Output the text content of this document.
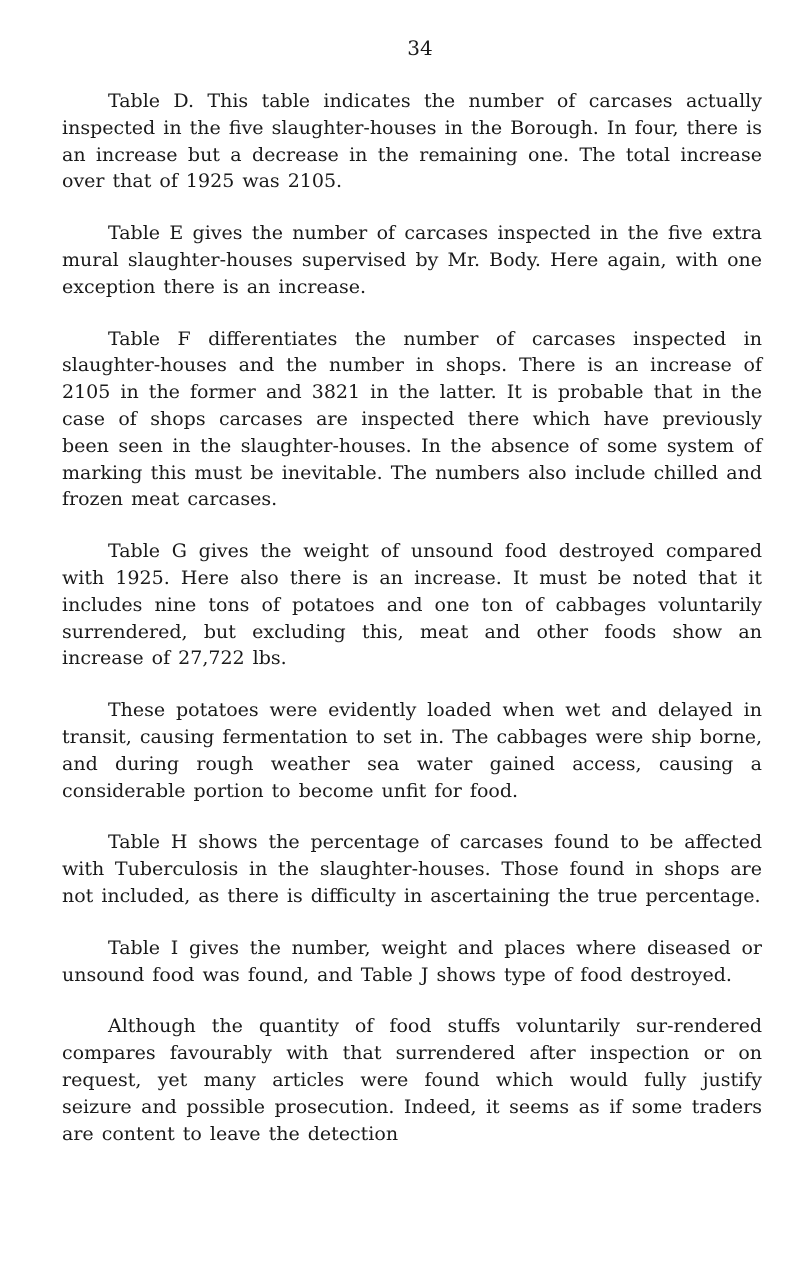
34

Table D. This table indicates the number of carcases actually inspected in the five slaughter-houses in the Borough. In four, there is an increase but a decrease in the remaining one. The total increase over that of 1925 was 2105.

Table E gives the number of carcases inspected in the five extra mural slaughter-houses supervised by Mr. Body. Here again, with one exception there is an increase.

Table F differentiates the number of carcases inspected in slaughter-houses and the number in shops. There is an increase of 2105 in the former and 3821 in the latter. It is probable that in the case of shops carcases are inspected there which have previously been seen in the slaughter-houses. In the absence of some system of marking this must be inevitable. The numbers also include chilled and frozen meat carcases.

Table G gives the weight of unsound food destroyed compared with 1925. Here also there is an increase. It must be noted that it includes nine tons of potatoes and one ton of cabbages voluntarily surrendered, but excluding this, meat and other foods show an increase of 27,722 lbs.

These potatoes were evidently loaded when wet and delayed in transit, causing fermentation to set in. The cabbages were ship borne, and during rough weather sea water gained access, causing a considerable portion to become unfit for food.

Table H shows the percentage of carcases found to be affected with Tuberculosis in the slaughter-houses. Those found in shops are not included, as there is difficulty in ascertaining the true percentage.

Table I gives the number, weight and places where diseased or unsound food was found, and Table J shows type of food destroyed.

Although the quantity of food stuffs voluntarily sur-rendered compares favourably with that surrendered after inspection or on request, yet many articles were found which would fully justify seizure and possible prosecution. Indeed, it seems as if some traders are content to leave the detection
